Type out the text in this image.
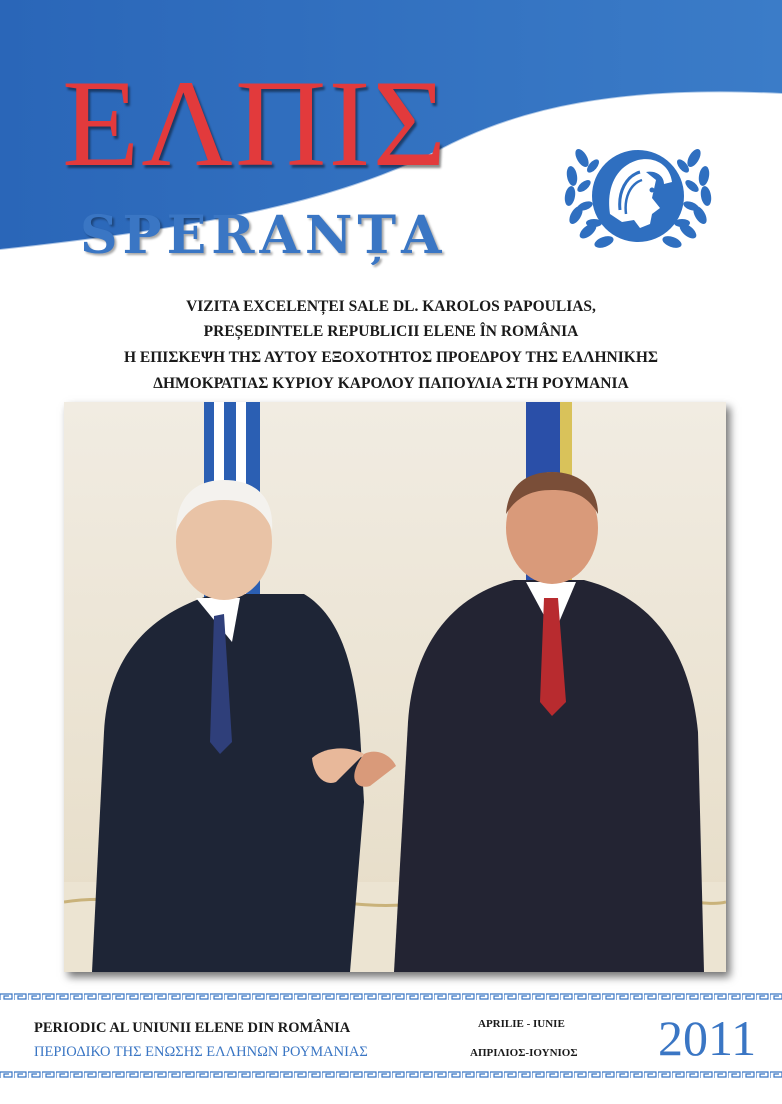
ΕΛΠΙΣ
SPERANȚA
VIZITA EXCELENȚEI SALE DL. KAROLOS PAPOULIAS,
PREȘEDINTELE REPUBLICII ELENE ÎN ROMÂNIA
Η ΕΠΙΣΚΕΨΗ ΤΗΣ ΑΥΤΟΥ ΕΞΟΧΟΤΗΤΟΣ ΠΡΟΕΔΡΟΥ ΤΗΣ ΕΛΛΗΝΙΚΗΣ
ΔΗΜΟΚΡΑΤΙΑΣ ΚΥΡΙΟΥ ΚΑΡΟΛΟΥ ΠΑΠΟΥΛΙΑ ΣΤΗ ΡΟΥΜΑΝΙΑ
PERIODIC AL UNIUNII ELENE DIN ROMÂNIA
ΠΕΡΙΟΔΙΚΟ ΤΗΣ ΕΝΩΣΗΣ ΕΛΛΗΝΩΝ ΡΟΥΜΑΝΙΑΣ
APRILIE - IUNIE
ΑΠΡΙΛΙΟΣ-ΙΟΥΝΙΟΣ 2011
